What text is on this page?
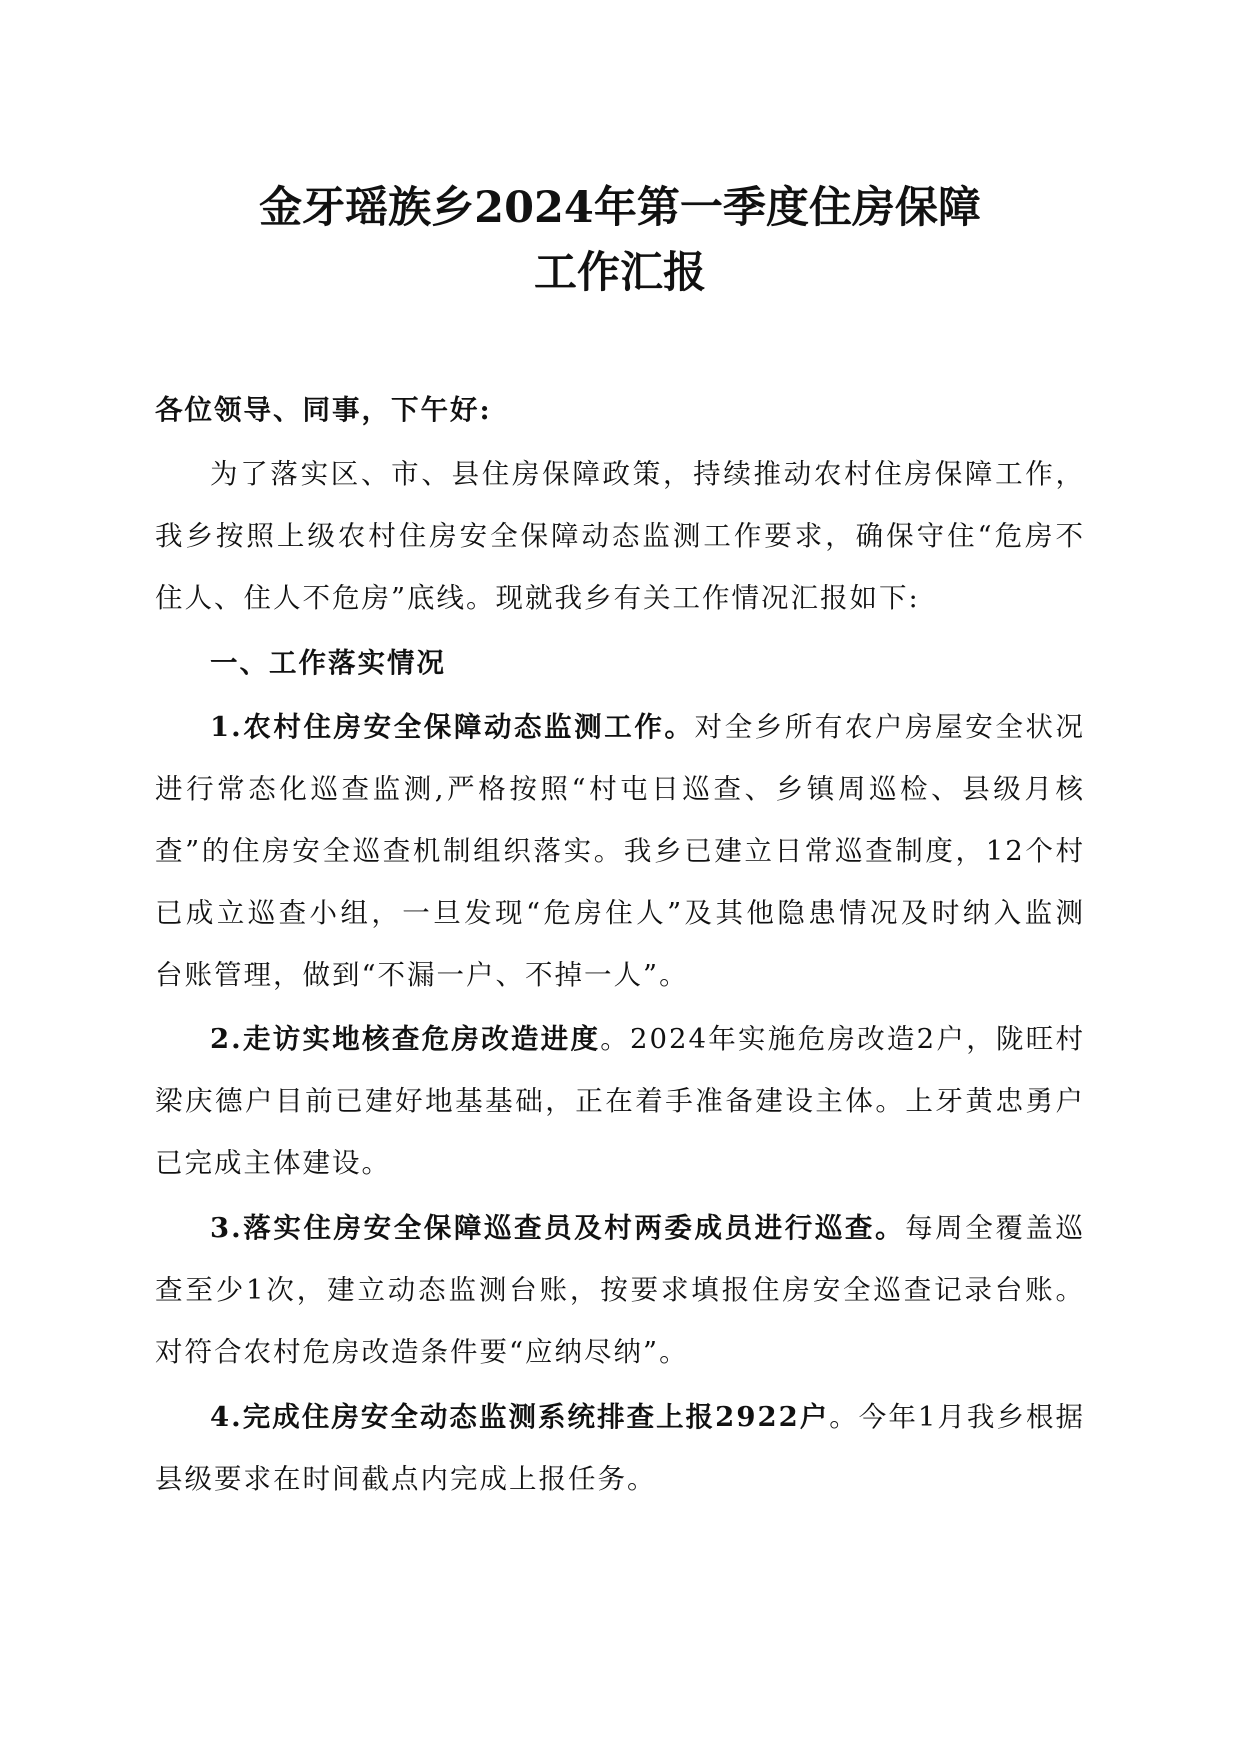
金牙瑶族乡2024年第一季度住房保障
工作汇报
各位领导、同事，下午好:
为了落实区、市、县住房保障政策，持续推动农村住房保障工作，
我乡按照上级农村住房安全保障动态监测工作要求，确保守住“危房不
住人、住人不危房”底线。现就我乡有关工作情况汇报如下:
一、工作落实情况
1.农村住房安全保障动态监测工作。对全乡所有农户房屋安全状况
进行常态化巡查监测,严格按照“村屯日巡查、乡镇周巡检、县级月核
查”的住房安全巡查机制组织落实。我乡已建立日常巡查制度，12个村
已成立巡查小组，一旦发现“危房住人”及其他隐患情况及时纳入监测
台账管理，做到“不漏一户、不掉一人”。
2.走访实地核查危房改造进度。2024年实施危房改造2户，陇旺村
梁庆德户目前已建好地基基础，正在着手准备建设主体。上牙黄忠勇户
已完成主体建设。
3.落实住房安全保障巡查员及村两委成员进行巡查。每周全覆盖巡
查至少1次，建立动态监测台账，按要求填报住房安全巡查记录台账。
对符合农村危房改造条件要“应纳尽纳”。
4.完成住房安全动态监测系统排查上报2922户。今年1月我乡根据
县级要求在时间截点内完成上报任务。
